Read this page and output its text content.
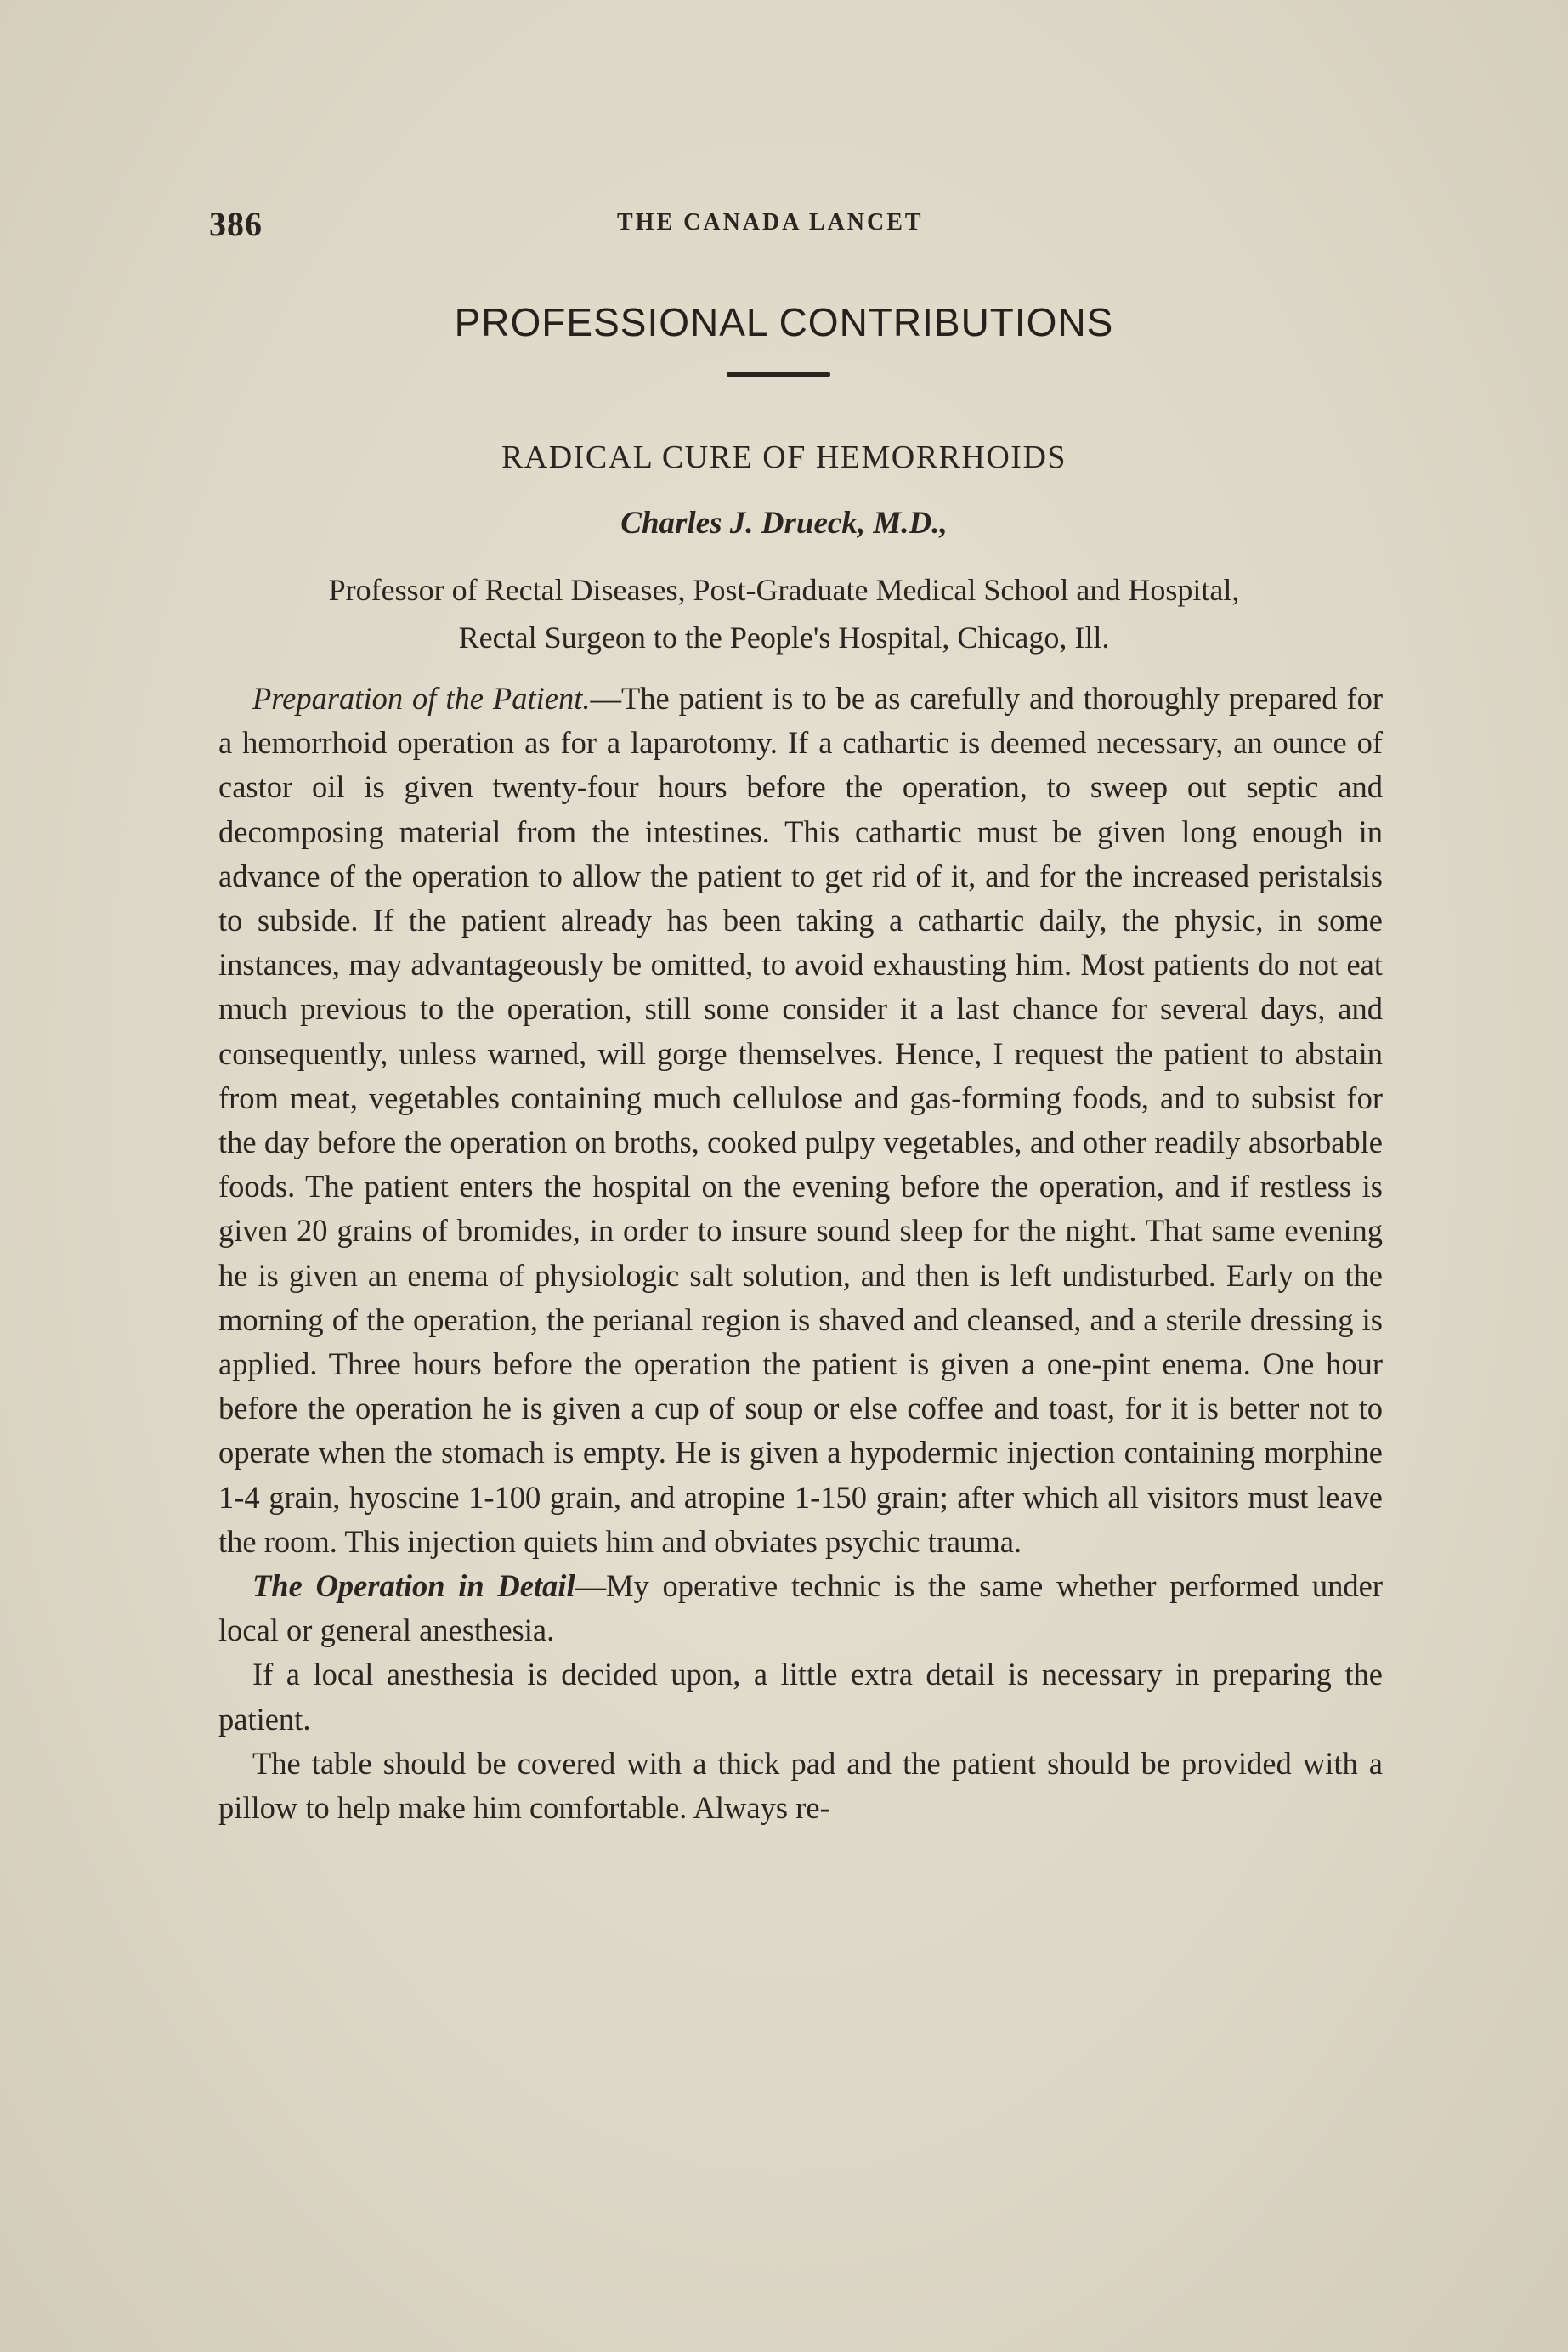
386	THE CANADA LANCET
PROFESSIONAL CONTRIBUTIONS
RADICAL CURE OF HEMORRHOIDS
Charles J. Drueck, M.D.,
Professor of Rectal Diseases, Post-Graduate Medical School and Hospital,
Rectal Surgeon to the People's Hospital, Chicago, Ill.

Preparation of the Patient.—The patient is to be as carefully and thoroughly prepared for a hemorrhoid operation as for a laparotomy. If a cathartic is deemed necessary, an ounce of castor oil is given twenty-four hours before the operation, to sweep out septic and decomposing material from the intestines. This cathartic must be given long enough in advance of the operation to allow the patient to get rid of it, and for the increased peristalsis to subside. If the patient already has been taking a cathartic daily, the physic, in some instances, may advantageously be omitted, to avoid exhausting him. Most patients do not eat much previous to the operation, still some consider it a last chance for several days, and consequently, unless warned, will gorge themselves. Hence, I request the patient to abstain from meat, vegetables containing much cellulose and gas-forming foods, and to subsist for the day before the operation on broths, cooked pulpy vegetables, and other readily absorbable foods. The patient enters the hospital on the evening before the operation, and if restless is given 20 grains of bromides, in order to insure sound sleep for the night. That same evening he is given an enema of physiologic salt solution, and then is left undisturbed. Early on the morning of the operation, the perianal region is shaved and cleansed, and a sterile dressing is applied. Three hours before the operation the patient is given a one-pint enema. One hour before the operation he is given a cup of soup or else coffee and toast, for it is better not to operate when the stomach is empty. He is given a hypodermic injection containing morphine 1-4 grain, hyoscine 1-100 grain, and atropine 1-150 grain; after which all visitors must leave the room. This injection quiets him and obviates psychic trauma.

The Operation in Detail—My operative technic is the same whether performed under local or general anesthesia.

If a local anesthesia is decided upon, a little extra detail is necessary in preparing the patient.

The table should be covered with a thick pad and the patient should be provided with a pillow to help make him comfortable. Always re-
